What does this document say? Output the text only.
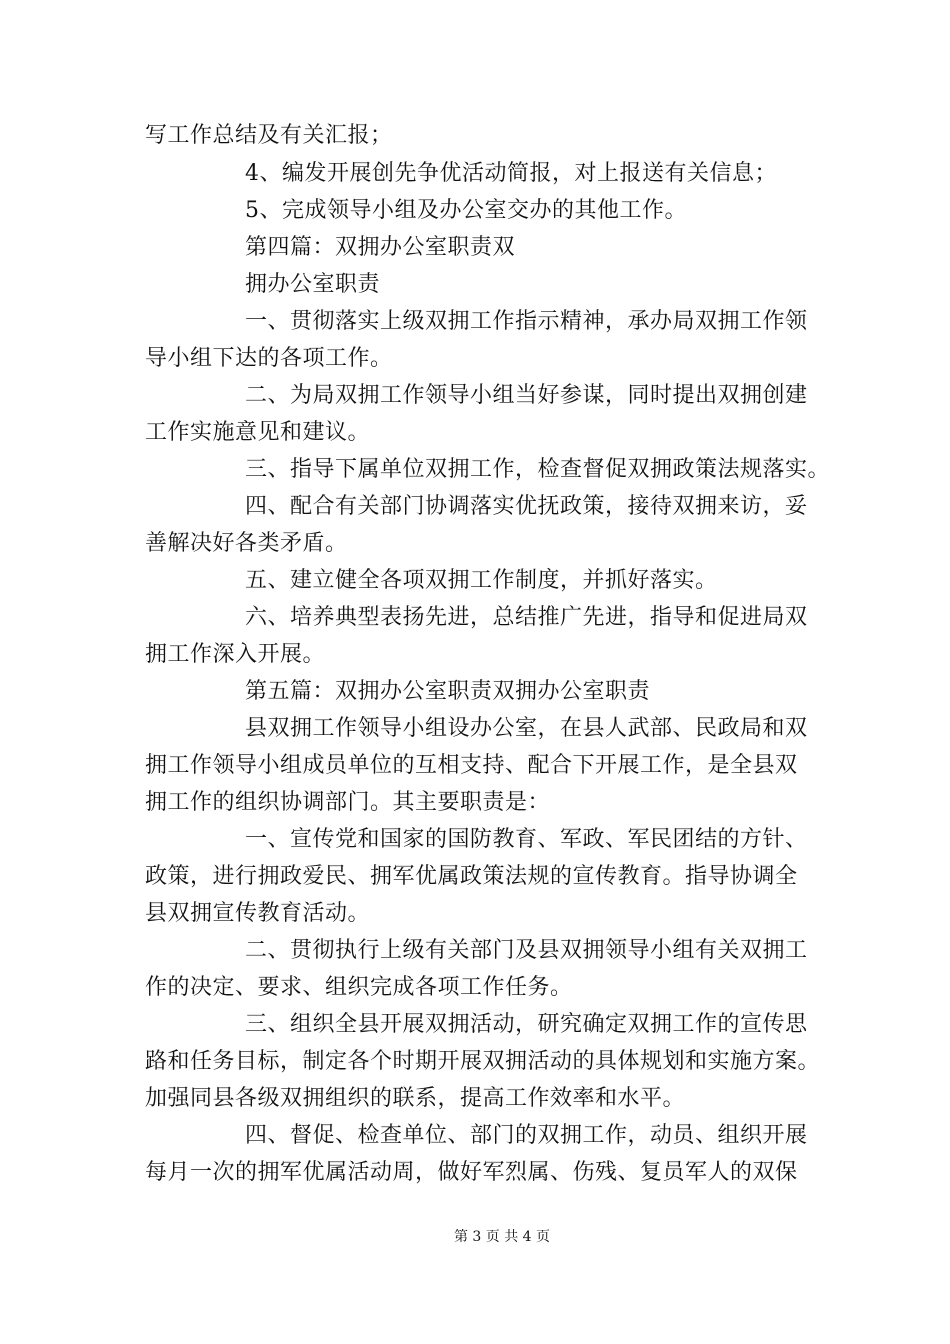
写工作总结及有关汇报；
4、编发开展创先争优活动简报，对上报送有关信息；
5、完成领导小组及办公室交办的其他工作。
第四篇：双拥办公室职责双
拥办公室职责
一、贯彻落实上级双拥工作指示精神，承办局双拥工作领
导小组下达的各项工作。
二、为局双拥工作领导小组当好参谋，同时提出双拥创建
工作实施意见和建议。
三、指导下属单位双拥工作，检查督促双拥政策法规落实。
四、配合有关部门协调落实优抚政策，接待双拥来访，妥
善解决好各类矛盾。
五、建立健全各项双拥工作制度，并抓好落实。
六、培养典型表扬先进，总结推广先进，指导和促进局双
拥工作深入开展。
第五篇：双拥办公室职责双拥办公室职责
县双拥工作领导小组设办公室，在县人武部、民政局和双
拥工作领导小组成员单位的互相支持、配合下开展工作，是全县双
拥工作的组织协调部门。其主要职责是：
一、宣传党和国家的国防教育、军政、军民团结的方针、
政策，进行拥政爱民、拥军优属政策法规的宣传教育。指导协调全
县双拥宣传教育活动。
二、贯彻执行上级有关部门及县双拥领导小组有关双拥工
作的决定、要求、组织完成各项工作任务。
三、组织全县开展双拥活动，研究确定双拥工作的宣传思
路和任务目标，制定各个时期开展双拥活动的具体规划和实施方案。
加强同县各级双拥组织的联系，提高工作效率和水平。
四、督促、检查单位、部门的双拥工作，动员、组织开展
每月一次的拥军优属活动周，做好军烈属、伤残、复员军人的双保
第 3 页 共 4 页
